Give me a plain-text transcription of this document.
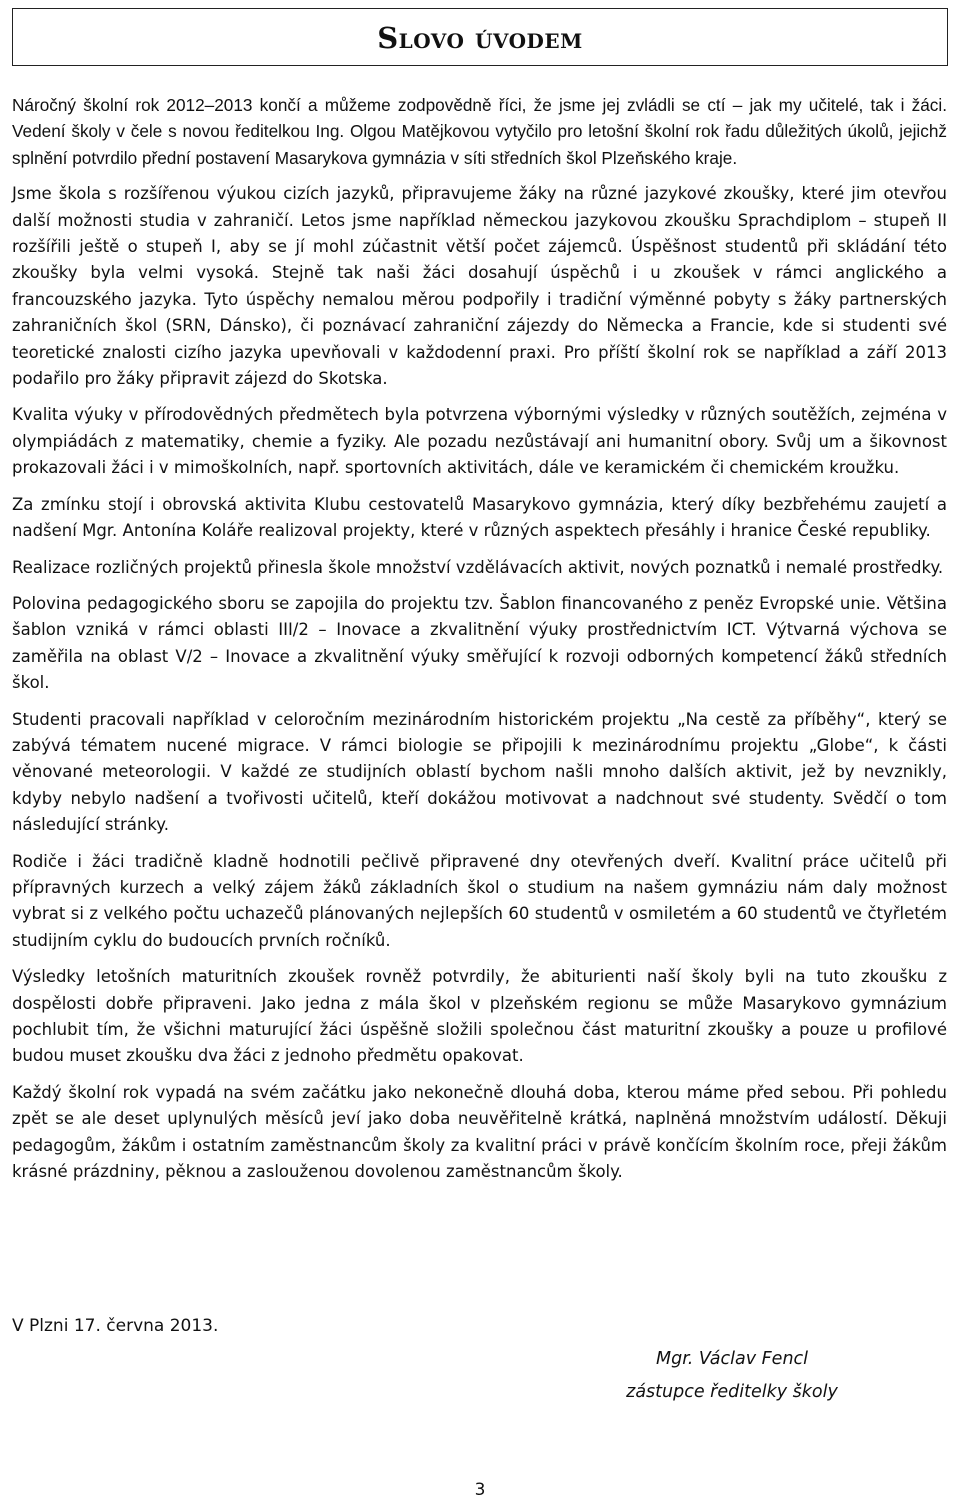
Slovo úvodem

Náročný školní rok 2012–2013 končí a můžeme zodpovědně říci, že jsme jej zvládli se ctí – jak my učitelé, tak i žáci. Vedení školy v čele s novou ředitelkou Ing. Olgou Matějkovou vytyčilo pro letošní školní rok řadu důležitých úkolů, jejichž splnění potvrdilo přední postavení Masarykova gymnázia v síti středních škol Plzeňského kraje.

Jsme škola s rozšířenou výukou cizích jazyků, připravujeme žáky na různé jazykové zkoušky, které jim otevřou další možnosti studia v zahraničí. Letos jsme například německou jazykovou zkoušku Sprachdiplom – stupeň II rozšířili ještě o stupeň I, aby se jí mohl zúčastnit větší počet zájemců. Úspěšnost studentů při skládání této zkoušky byla velmi vysoká. Stejně tak naši žáci dosahují úspěchů i u zkoušek v rámci anglického a francouzského jazyka. Tyto úspěchy nemalou měrou podpořily i tradiční výměnné pobyty s žáky partnerských zahraničních škol (SRN, Dánsko), či poznávací zahraniční zájezdy do Německa a Francie, kde si studenti své teoretické znalosti cizího jazyka upevňovali v každodenní praxi. Pro příští školní rok se například a září 2013 podařilo pro žáky připravit zájezd do Skotska.

Kvalita výuky v přírodovědných předmětech byla potvrzena výbornými výsledky v různých soutěžích, zejména v olympiádách z matematiky, chemie a fyziky. Ale pozadu nezůstávají ani humanitní obory. Svůj um a šikovnost prokazovali žáci i v mimoškolních, např. sportovních aktivitách, dále ve keramickém či chemickém kroužku.

Za zmínku stojí i obrovská aktivita Klubu cestovatelů Masarykovo gymnázia, který díky bezbřehému zaujetí a nadšení Mgr. Antonína Koláře realizoval projekty, které v různých aspektech přesáhly i hranice České republiky.

Realizace rozličných projektů přinesla škole množství vzdělávacích aktivit, nových poznatků i nemalé prostředky.

Polovina pedagogického sboru se zapojila do projektu tzv. Šablon financovaného z peněz Evropské unie. Většina šablon vzniká v rámci oblasti III/2 – Inovace a zkvalitnění výuky prostřednictvím ICT. Výtvarná výchova se zaměřila na oblast V/2 – Inovace a zkvalitnění výuky směřující k rozvoji odborných kompetencí žáků středních škol.

Studenti pracovali například v celoročním mezinárodním historickém projektu „Na cestě za příběhy“, který se zabývá tématem nucené migrace. V rámci biologie se připojili k mezinárodnímu projektu „Globe“, k části věnované meteorologii. V každé ze studijních oblastí bychom našli mnoho dalších aktivit, jež by nevznikly, kdyby nebylo nadšení a tvořivosti učitelů, kteří dokážou motivovat a nadchnout své studenty. Svědčí o tom následující stránky.

Rodiče i žáci tradičně kladně hodnotili pečlivě připravené dny otevřených dveří. Kvalitní práce učitelů při přípravných kurzech a velký zájem žáků základních škol o studium na našem gymnáziu nám daly možnost vybrat si z velkého počtu uchazečů plánovaných nejlepších 60 studentů v osmiletém a 60 studentů ve čtyřletém studijním cyklu do budoucích prvních ročníků.

Výsledky letošních maturitních zkoušek rovněž potvrdily, že abiturienti naší školy byli na tuto zkoušku z dospělosti dobře připraveni. Jako jedna z mála škol v plzeňském regionu se může Masarykovo gymnázium pochlubit tím, že všichni maturující žáci úspěšně složili společnou část maturitní zkoušky a pouze u profilové budou muset zkoušku dva žáci z jednoho předmětu opakovat.

Každý školní rok vypadá na svém začátku jako nekonečně dlouhá doba, kterou máme před sebou. Při pohledu zpět se ale deset uplynulých měsíců jeví jako doba neuvěřitelně krátká, naplněná množstvím událostí. Děkuji pedagogům, žákům i ostatním zaměstnancům školy za kvalitní práci v právě končícím školním roce, přeji žákům krásné prázdniny, pěknou a zaslouženou dovolenou zaměstnancům školy.

V Plzni 17. června 2013.
Mgr. Václav Fencl
zástupce ředitelky školy
3
